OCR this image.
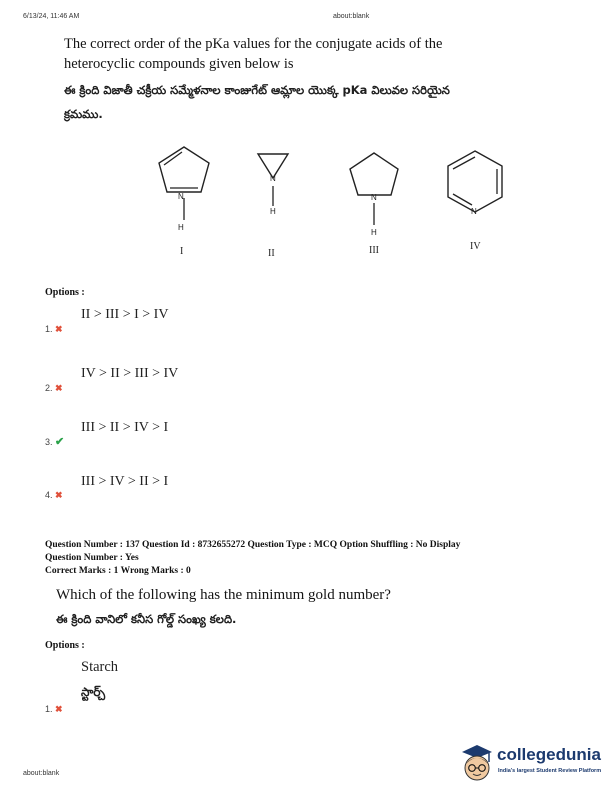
6/13/24, 11:46 AM	about:blank
The correct order of the pKa values for the conjugate acids of the
heterocyclic compounds given below is
ఈ క్రింది విజాతీ చక్రీయ సమ్మేళనాల కాంజుగేట్ ఆమ్లాల యొక్క pKa విలువల సరియైన
క్రమము.
N
H
I
N
H
II
N
H
III
N
IV
Options :
II > III > I > IV
1. ✖
IV > II > III > IV
2. ✖
III > II > IV > I
3. ✔
III > IV > II > I
4. ✖
Question Number : 137 Question Id : 8732655272 Question Type : MCQ Option Shuffling : No Display
Question Number : Yes
Correct Marks : 1 Wrong Marks : 0
Which of the following has the minimum gold number?
ఈ క్రింది వానిలో కనీస గోల్డ్ సంఖ్య కలది.
Options :
Starch
స్టార్చ్
1. ✖
about:blank
collegedunia
India's largest Student Review Platform
